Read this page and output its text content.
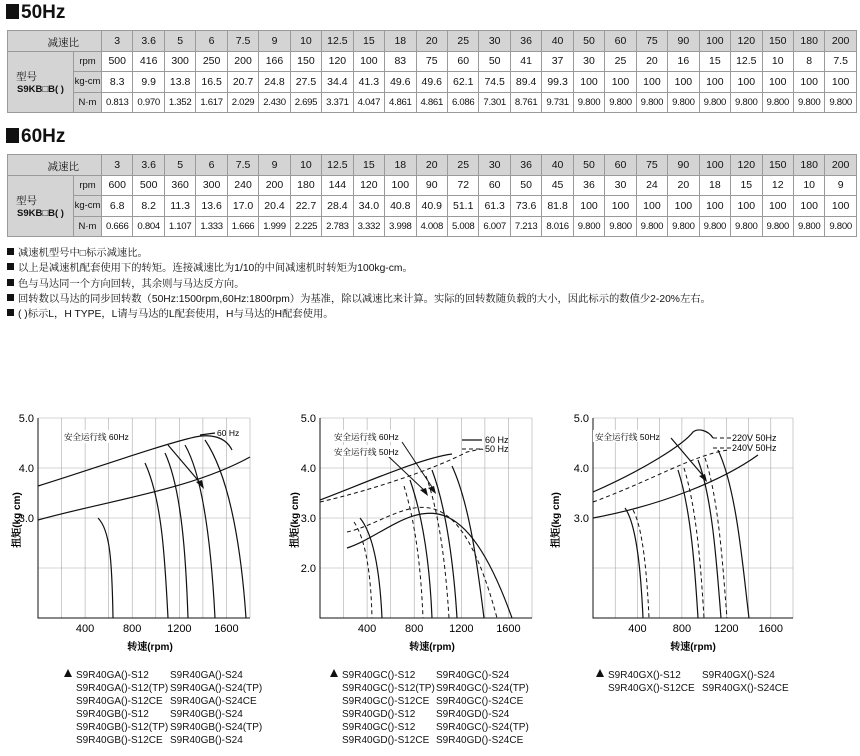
50Hz
减速比		3	3.6	5	6	7.5	9	10	12.5	15	18	20	25	30	36	40	50	60	75	90	100	120	150	180	200

型号
S9KB□B( )	rpm	500	416	300	250	200	166	150	120	100	83	75	60	50	41	37	30	25	20	16	15	12.5	10	8	7.5
	kg-cm	8.3	9.9	13.8	16.5	20.7	24.8	27.5	34.4	41.3	49.6	49.6	62.1	74.5	89.4	99.3	100	100	100	100	100	100	100	100	100
	N·m	0.813	0.970	1.352	1.617	2.029	2.430	2.695	3.371	4.047	4.861	4.861	6.086	7.301	8.761	9.731	9.800	9.800	9.800	9.800	9.800	9.800	9.800	9.800	9.800
60Hz
减速比		3	3.6	5	6	7.5	9	10	12.5	15	18	20	25	30	36	40	50	60	75	90	100	120	150	180	200

型号
S9KB□B( )	rpm	600	500	360	300	240	200	180	144	120	100	90	72	60	50	45	36	30	24	20	18	15	12	10	9
	kg-cm	6.8	8.2	11.3	13.6	17.0	20.4	22.7	28.4	34.0	40.8	40.9	51.1	61.3	73.6	81.8	100	100	100	100	100	100	100	100	100
	N·m	0.666	0.804	1.107	1.333	1.666	1.999	2.225	2.783	3.332	3.998	4.008	5.008	6.007	7.213	8.016	9.800	9.800	9.800	9.800	9.800	9.800	9.800	9.800	9.800
减速机型号中□标示减速比。
以上是减速机配套使用下的转矩。连接减速比为1/10的中间减速机时转矩为100kg-cm。
色与马达同一个方向回转，其余则与马达反方向。
回转数以马达的同步回转数（50Hz:1500rpm,60Hz:1800rpm）为基准，除以减速比来计算。实际的回转数随负载的大小，因此标示的数值少2-20%左右。
( )标示L，H TYPE，L请与马达的L配套使用，H与马达的H配套使用。
400	800 1200 1600
3.0
4.0
5.0
安全运行线 60Hz	60 Hz
扭矩(kg cm)
转速(rpm)
400	800 1200 1600
2.0
3.0
4.0
5.0
安全运行线 60Hz
安全运行线 50Hz
60 Hz
50 Hz
扭矩(kg cm)
转速(rpm)
400 800 1200 1600
3.0
4.0
5.0
安全运行线 50Hz	220V 50Hz
240V 50Hz
扭矩(kg cm)
转速(rpm)
S9R40GA()-S12	S9R40GA()-S24
S9R40GA()-S12(TP) S9R40GA()-S24(TP)
S9R40GA()-S12CE S9R40GA()-S24CE
S9R40GB()-S12	S9R40GB()-S24
S9R40GB()-S12(TP) S9R40GB()-S24(TP)
S9R40GB()-S12CE S9R40GB()-S24
S9R40GC()-S12	S9R40GC()-S24
S9R40GC()-S12(TP) S9R40GC()-S24(TP)
S9R40GC()-S12CE S9R40GC()-S24CE
S9R40GD()-S12	S9R40GD()-S24
S9R40GC()-S12	S9R40GC()-S24(TP)
S9R40GD()-S12CE S9R40GD()-S24CE
S9R40GX()-S12	S9R40GX()-S24
S9R40GX()-S12CE S9R40GX()-S24CE
